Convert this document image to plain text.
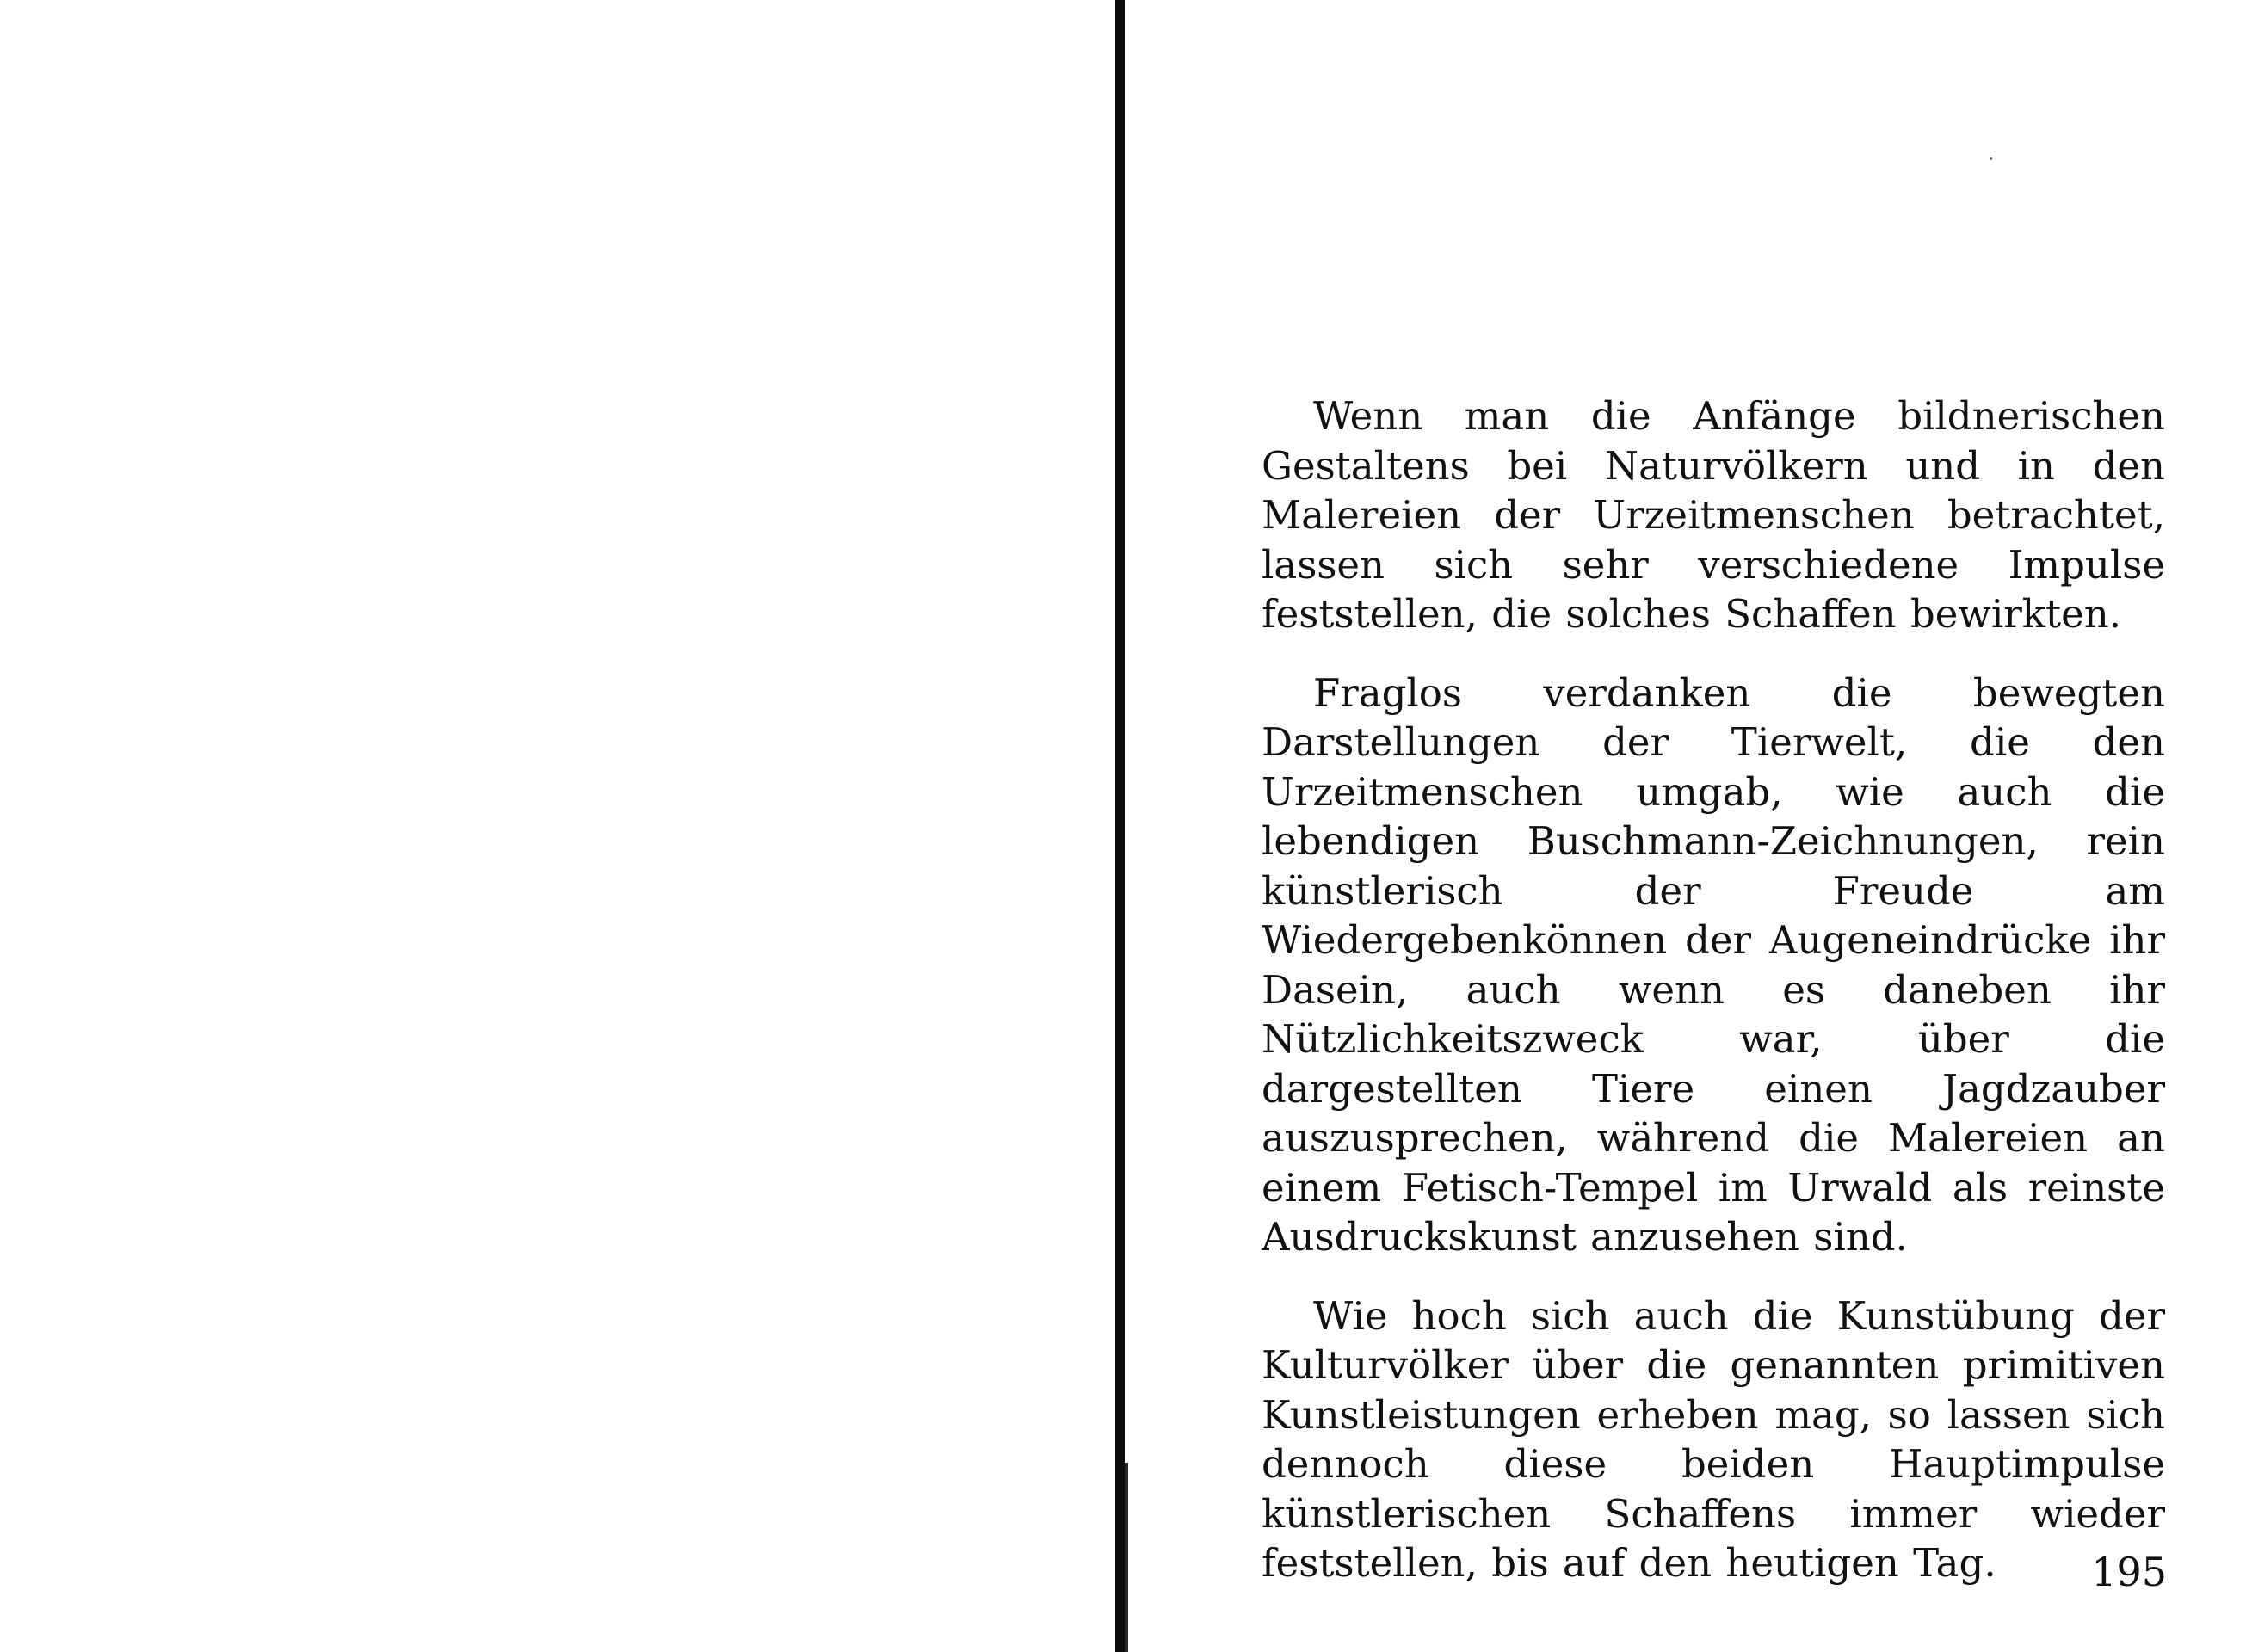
Wenn man die Anfänge bildnerischen Gestaltens bei Naturvölkern und in den Malereien der Urzeitmenschen betrachtet, lassen sich sehr verschiedene Impulse feststellen, die solches Schaffen bewirkten.

Fraglos verdanken die bewegten Darstellungen der Tierwelt, die den Urzeitmenschen umgab, wie auch die lebendigen Buschmann-Zeichnungen, rein künstlerisch der Freude am Wiedergebenkönnen der Augeneindrücke ihr Dasein, auch wenn es daneben ihr Nützlichkeitszweck war, über die dargestellten Tiere einen Jagdzauber auszusprechen, während die Malereien an einem Fetisch-Tempel im Urwald als reinste Ausdruckskunst anzusehen sind.

Wie hoch sich auch die Kunstübung der Kulturvölker über die genannten primitiven Kunstleistungen erheben mag, so lassen sich dennoch diese beiden Hauptimpulse künstlerischen Schaffens immer wieder feststellen, bis auf den heutigen Tag.	195
